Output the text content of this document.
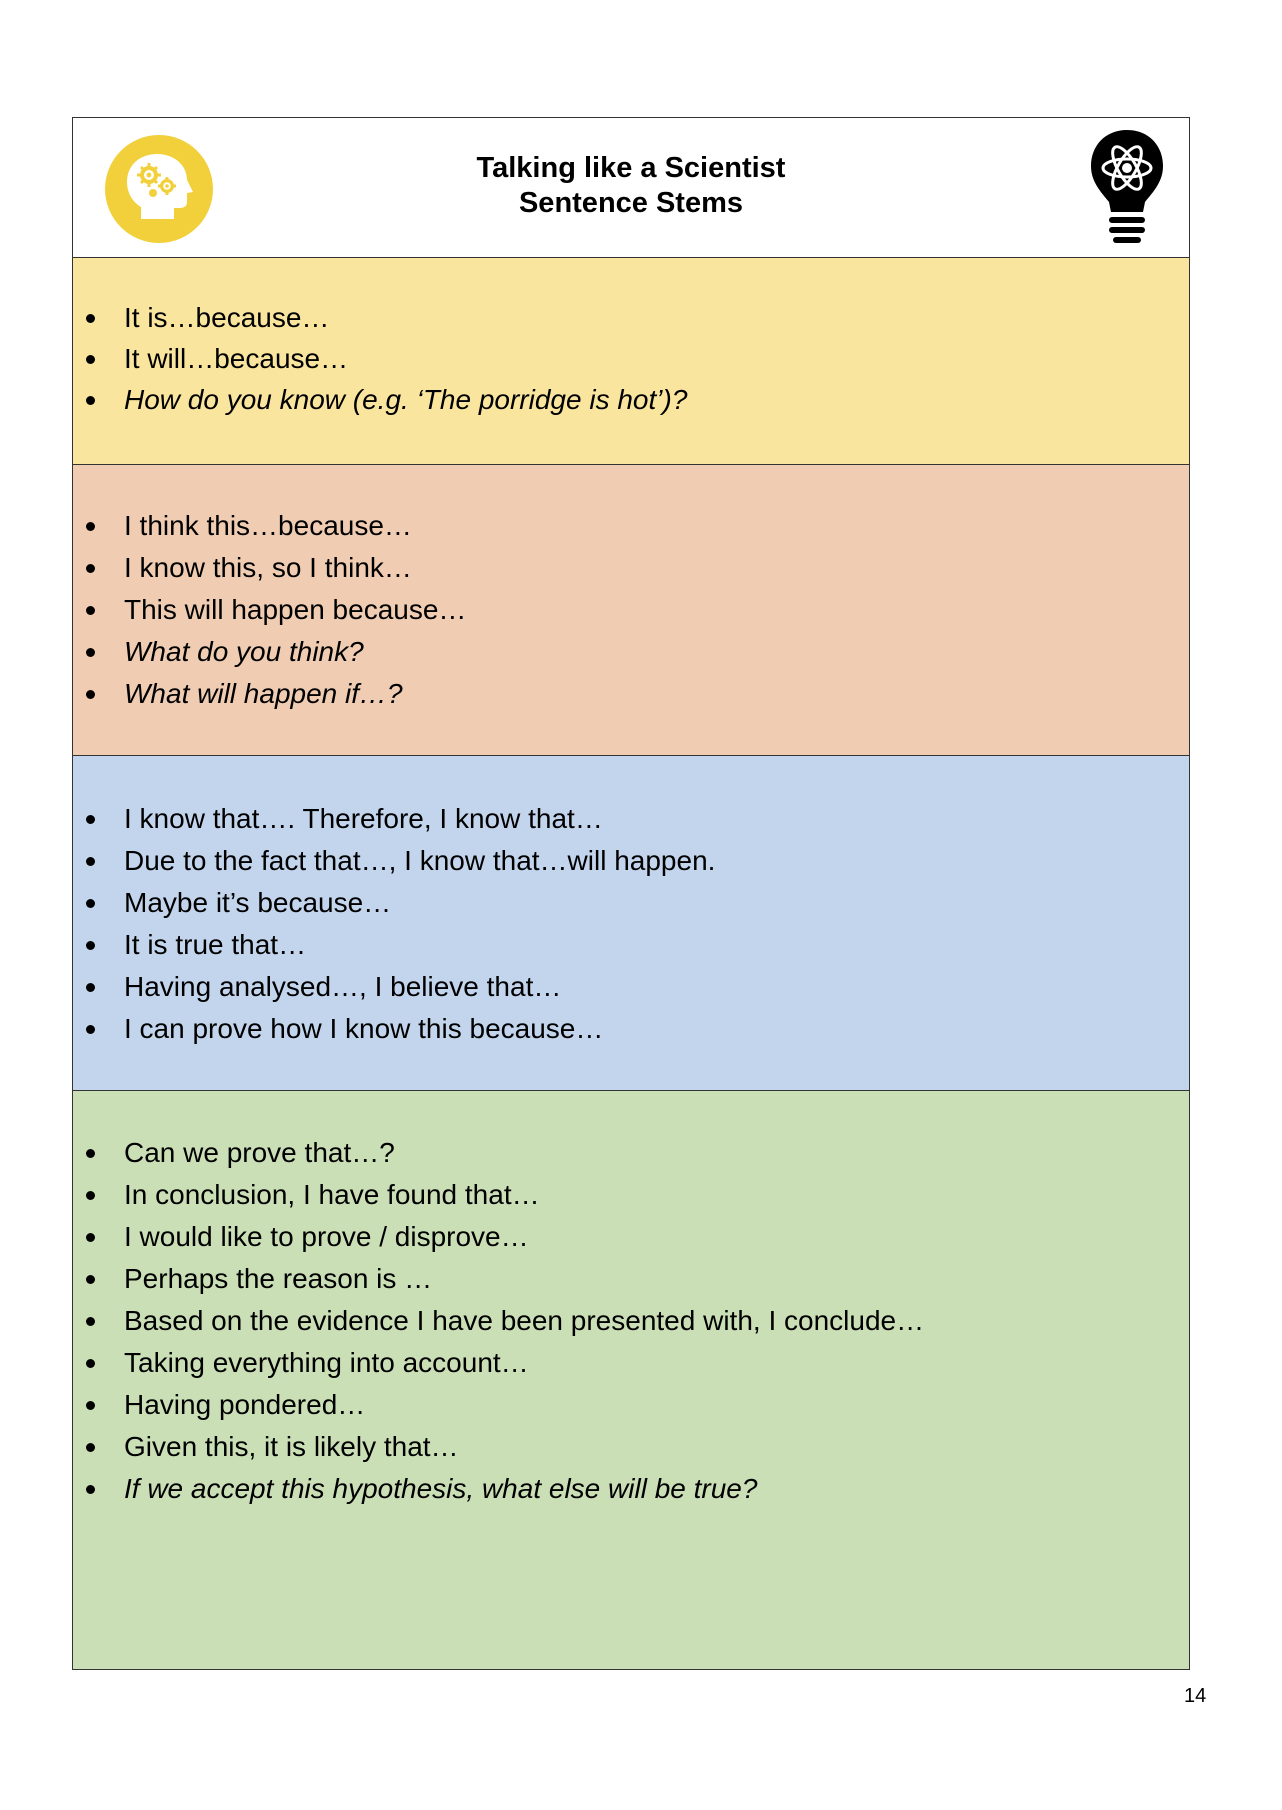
Talking like a Scientist
Sentence Stems
It is…because…
It will…because…
How do you know (e.g. ‘The porridge is hot’)?
I think this…because…
I know this, so I think…
This will happen because…
What do you think?
What will happen if…?
I know that…. Therefore, I know that…
Due to the fact that…, I know that…will happen.
Maybe it’s because…
It is true that…
Having analysed…, I believe that…
I can prove how I know this because…
Can we prove that…?
In conclusion, I have found that…
I would like to prove / disprove…
Perhaps the reason is …
Based on the evidence I have been presented with, I conclude…
Taking everything into account…
Having pondered…
Given this, it is likely that…
If we accept this hypothesis, what else will be true?
14
